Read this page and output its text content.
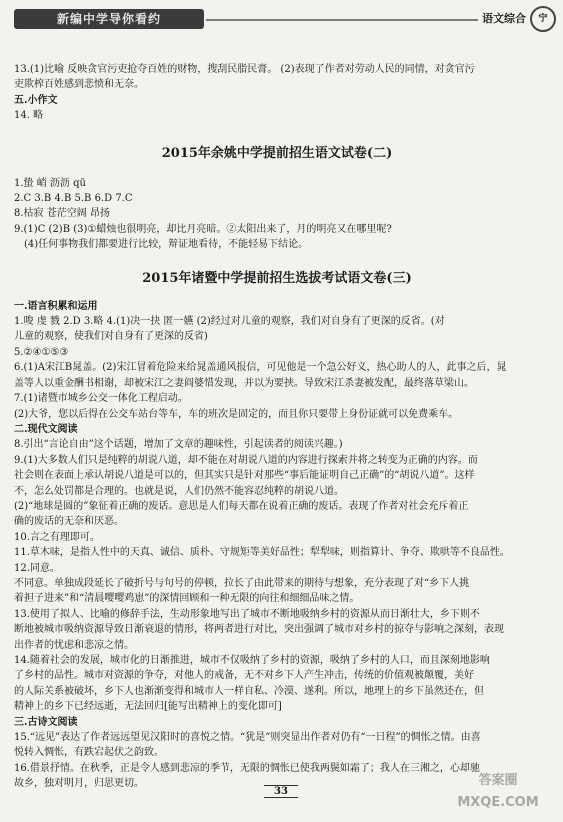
新编中学导你看约	语文综合	宁
13.(1)比喻 反映贪官污吏抢夺百姓的财物，搜刮民脂民膏。 (2)表现了作者对劳动人民的同情，对贪官污
吏欺榨百姓感到悲愤和无奈。
五.小作文
14. 略
2015年余姚中学提前招生语文试卷(二)
1.蛰 峭 沥沥 qū
2.C 3.B 4.B 5.B 6.D 7.C
8.枯寂 苍茫空阔 昂扬
9.(1)C (2)B (3)①蜡烛也很明亮，却比月亮暗。②太阳出来了，月的明亮又在哪里呢?
(4)任何事物我们都要进行比较，辩证地看待，不能轻易下结论。
2015年诸暨中学提前招生选拔考试语文卷(三)
一.语言积累和运用
1.唆 虔 戮 2.D 3.略 4.(1)决一抉 匿一嬿 (2)经过对儿童的观察，我们对自身有了更深的反省。(对
儿童的观察，使我们对自身有了更深的反省)
5.②④①⑤③
6.(1)A宋江B晁盖。(2)宋江冒着危险来给晁盖通风报信，可见他是一个急公好义，热心助人的人，此事之后，晁
盖等人以重金酬书相谢，却被宋江之妻阎婆惜发现，并以为要挟。导致宋江杀妻被发配，最终落草梁山。
7.(1)诸暨市城乡公交一体化工程启动。
(2)大爷，您以后得在公交车站台等车，车的班次是固定的，而且你只要带上身份证就可以免费乘车。
二.现代文阅读
8.引出“言论自由”这个话题，增加了文章的趣味性，引起读者的阅读兴趣。)
9.(1)大多数人们只是纯粹的胡说八道，却不能在对胡说八道的内容进行探索并将之转变为正确的内容。而
社会则在表面上承认胡说八道是可以的，但其实只是针对那些“事后能证明自己正确”的“胡说八道”。这样
不，怎么处罚都是合理的。也就是说，人们仍然不能容忍纯粹的胡说八道。
(2)“地球是圆的”象征着正确的废话。意思是人们每天都在说着正确的废话。表现了作者对社会充斥着正
确的废话的无奈和厌恶。
10.言之有理即可。
11.草木味，是指人性中的天真、诚信、质朴、守规矩等美好品性；犁犁味，则指算计、争夺、欺哄等不良品性。
12.同意。
不同意。单独成段延长了破折号与句号的停顿，拉长了由此带来的期待与想象，充分表现了对“乡下人挑
着担子进来”和“清晨嘤嘤鸡崽”的深情回顾和一种无限的向往和细细品味之情。
13.使用了拟人、比喻的修辞手法，生动形象地写出了城市不断地吸纳乡村的资源从而日渐壮大，乡下则不
断地被城市吸纳资源导致日渐衰退的情形，将两者进行对比，突出强调了城市对乡村的掠夺与影响之深刻，表现
出作者的忧虑和悲凉之情。
14.随着社会的发展，城市化的日渐推进，城市不仅吸纳了乡村的资源，吸纳了乡村的人口，而且深刻地影响
了乡村的品性。城市对资源的争夺，对他人的戒备，无不对乡下人产生冲击，传统的价值观被颠覆，美好
的人际关系被破坏，乡下人也渐渐变得和城市人一样自私、冷漠、遂利。所以，地理上的乡下虽然还在，但
精神上的乡下已经远逝，无法回归[能写出精神上的变化即可]
三.古诗文阅读
15.“远见”表达了作者远远望见汉阳时的喜悦之情。“犹是”则突显出作者对仍有“一日程”的惆怅之情。由喜
悦转入惆怅，有跌宕起伏之韵致。
16.借景抒情。在秋季，正是令人感到悲凉的季节，无限的惆怅已使我两鬓如霜了；我人在三湘之，心却驰
故乡，独对明月，归思更切。
33
答案圈
MXQE.COM
